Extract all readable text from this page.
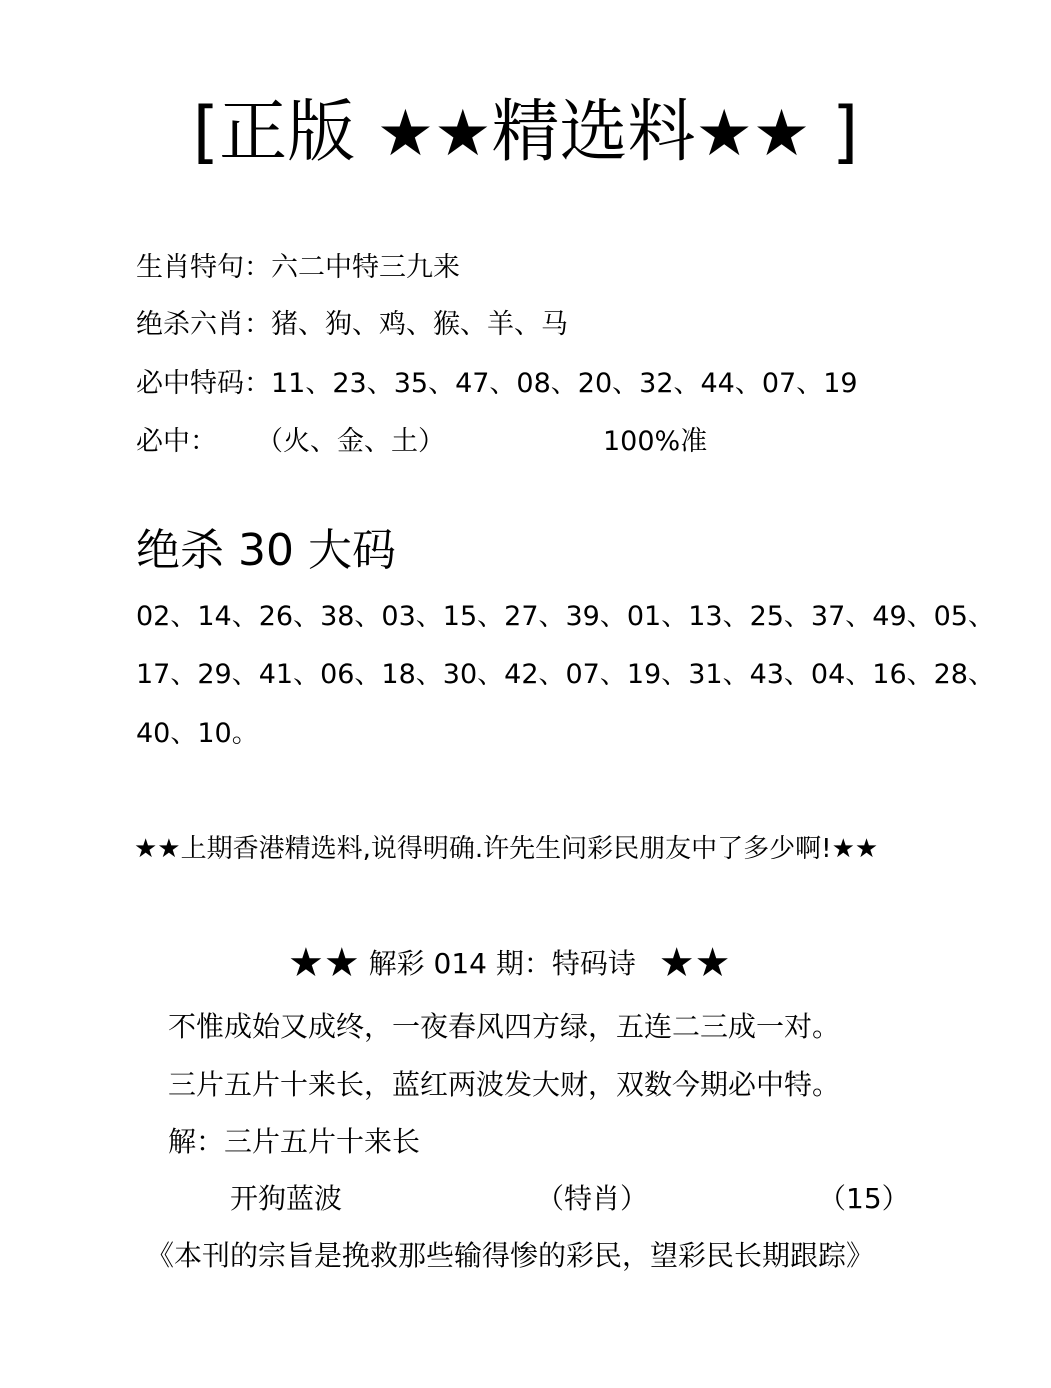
[正版 ★★精选料★★ ]
生肖特句：六二中特三九来
绝杀六肖：猪、狗、鸡、猴、羊、马
必中特码：11、23、35、47、08、20、32、44、07、19
必中： （火、金、土）	100%准
绝杀 30 大码
02、14、26、38、03、15、27、39、01、13、25、37、49、05、
17、29、41、06、18、30、42、07、19、31、43、04、16、28、
40、10。
★★上期香港精选料,说得明确.许先生问彩民朋友中了多少啊!★★
★★ 解彩 014 期：特码诗 ★★
不惟成始又成终，一夜春风四方绿，五连二三成一对。
三片五片十来长，蓝红两波发大财，双数今期必中特。
解：三片五片十来长
开狗蓝波	（特肖）	（15）
《本刊的宗旨是挽救那些输得惨的彩民，望彩民长期跟踪》
